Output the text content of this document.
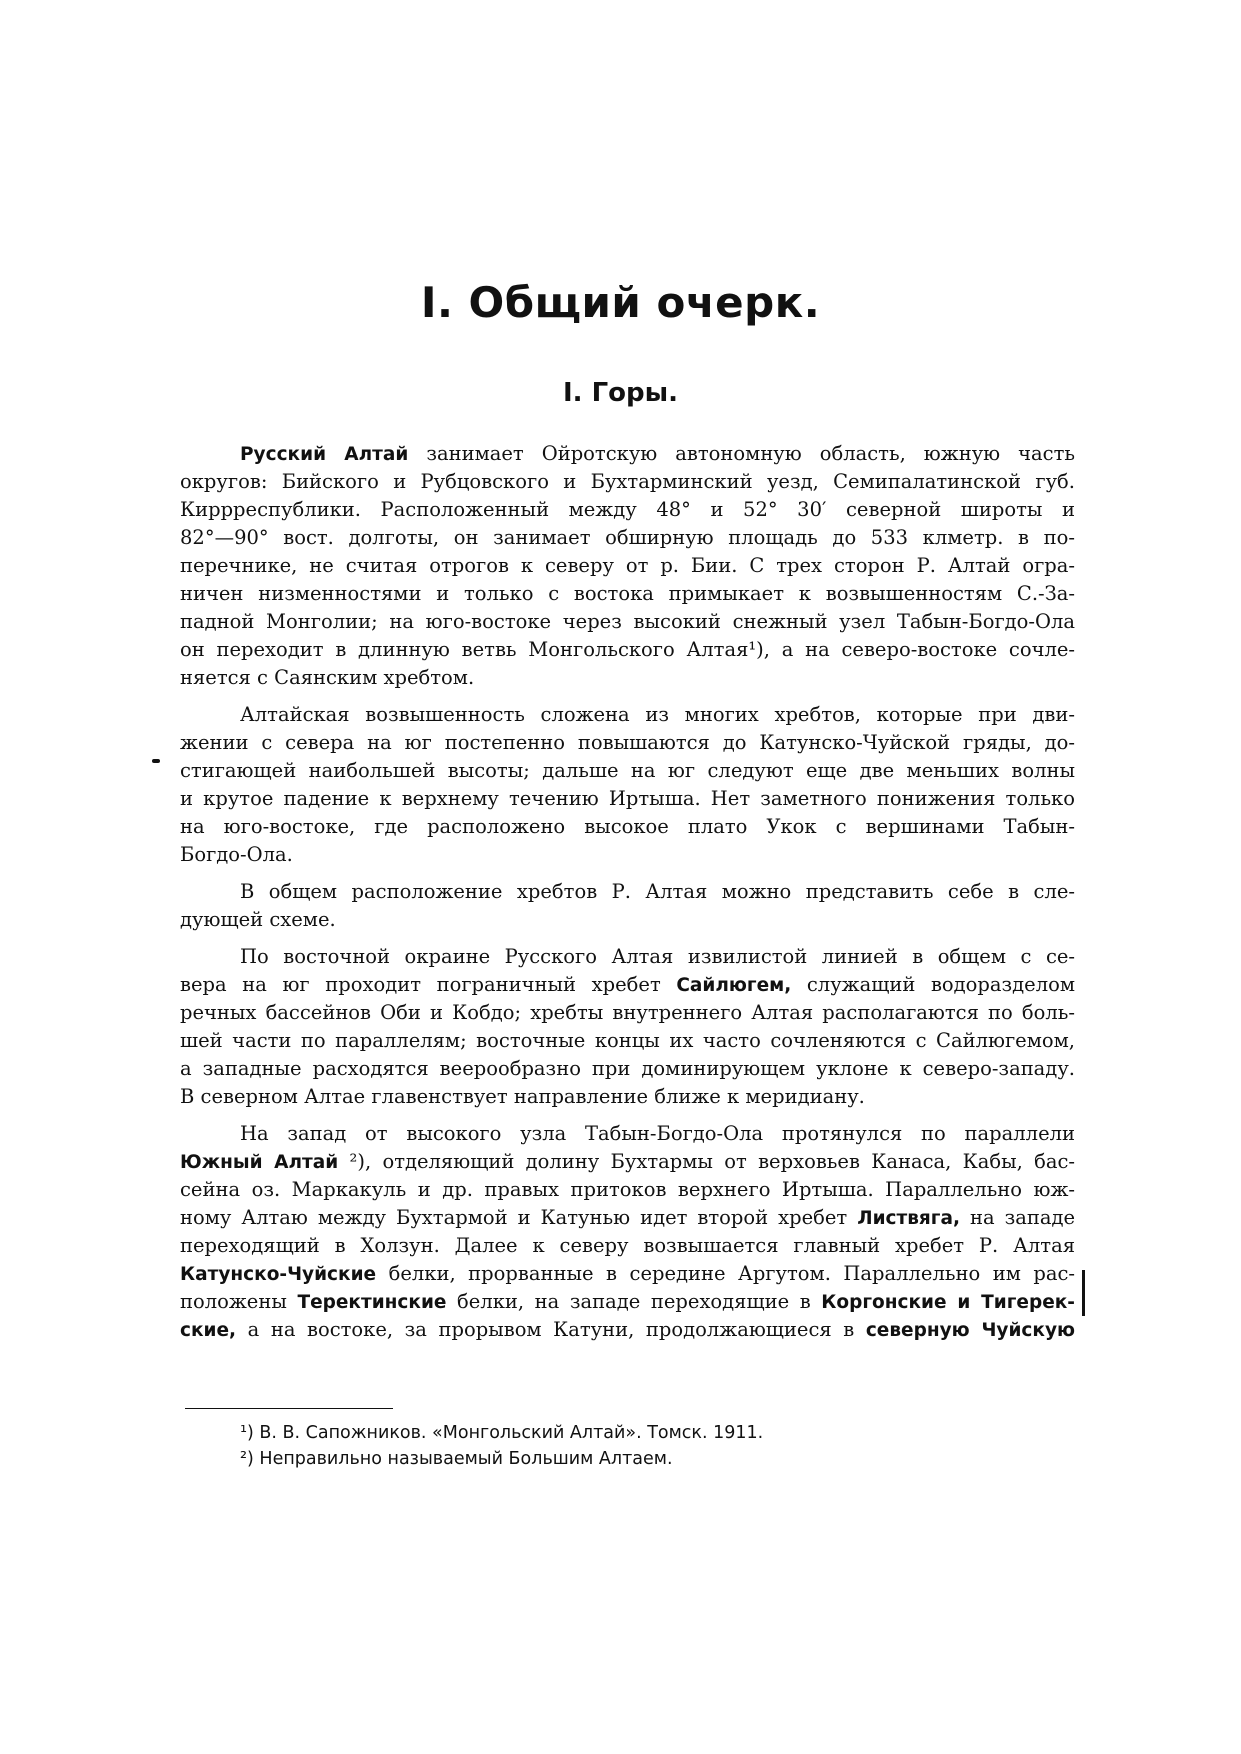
I. Общий очерк.
I. Горы.
Русский Алтай занимает Ойротскую автономную область, южную часть
округов: Бийского и Рубцовского и Бухтарминский уезд, Семипалатинской губ.
Киррреспублики. Расположенный между 48° и 52° 30′ северной широты и
82°—90° вост. долготы, он занимает обширную площадь до 533 клметр. в по-
перечнике, не считая отрогов к северу от р. Бии. С трех сторон Р. Алтай огра-
ничен низменностями и только с востока примыкает к возвышенностям С.-За-
падной Монголии; на юго-востоке через высокий снежный узел Табын-Богдо-Ола
он переходит в длинную ветвь Монгольского Алтая¹), а на северо-востоке сочле-
няется с Саянским хребтом.
Алтайская возвышенность сложена из многих хребтов, которые при дви-
жении с севера на юг постепенно повышаются до Катунско-Чуйской гряды, до-
стигающей наибольшей высоты; дальше на юг следуют еще две меньших волны
и крутое падение к верхнему течению Иртыша. Нет заметного понижения только
на юго-востоке, где расположено высокое плато Укок с вершинами Табын-
Богдо-Ола.
В общем расположение хребтов Р. Алтая можно представить себе в сле-
дующей схеме.
По восточной окраине Русского Алтая извилистой линией в общем с се-
вера на юг проходит пограничный хребет Сайлюгем, служащий водоразделом
речных бассейнов Оби и Кобдо; хребты внутреннего Алтая располагаются по боль-
шей части по параллелям; восточные концы их часто сочленяются с Сайлюгемом,
а западные расходятся веерообразно при доминирующем уклоне к северо-западу.
В северном Алтае главенствует направление ближе к меридиану.
На запад от высокого узла Табын-Богдо-Ола протянулся по параллели
Южный Алтай ²), отделяющий долину Бухтармы от верховьев Канаса, Кабы, бас-
сейна оз. Маркакуль и др. правых притоков верхнего Иртыша. Параллельно юж-
ному Алтаю между Бухтармой и Катунью идет второй хребет Листвяга, на западе
переходящий в Холзун. Далее к северу возвышается главный хребет Р. Алтая
Катунско-Чуйские белки, прорванные в середине Аргутом. Параллельно им рас-
положены Теректинские белки, на западе переходящие в Коргонские и Тигерек-
ские, а на востоке, за прорывом Катуни, продолжающиеся в северную Чуйскую

¹) В. В. Сапожников. «Монгольский Алтай». Томск. 1911.

²) Неправильно называемый Большим Алтаем.
